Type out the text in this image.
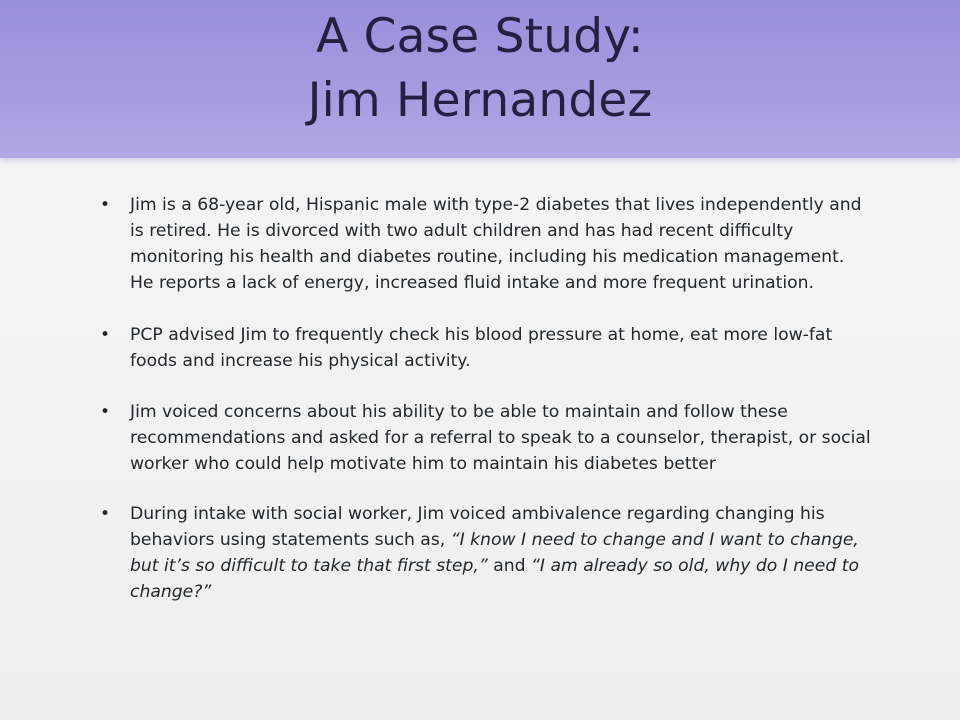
A Case Study:
Jim Hernandez
• Jim is a 68-year old, Hispanic male with type-2 diabetes that lives independently and is retired. He is divorced with two adult children and has had recent difficulty monitoring his health and diabetes routine, including his medication management. He reports a lack of energy, increased fluid intake and more frequent urination.
• PCP advised Jim to frequently check his blood pressure at home, eat more low-fat foods and increase his physical activity.
• Jim voiced concerns about his ability to be able to maintain and follow these recommendations and asked for a referral to speak to a counselor, therapist, or social worker who could help motivate him to maintain his diabetes better
• During intake with social worker, Jim voiced ambivalence regarding changing his behaviors using statements such as, “I know I need to change and I want to change, but it’s so difficult to take that first step,” and “I am already so old, why do I need to change?”
